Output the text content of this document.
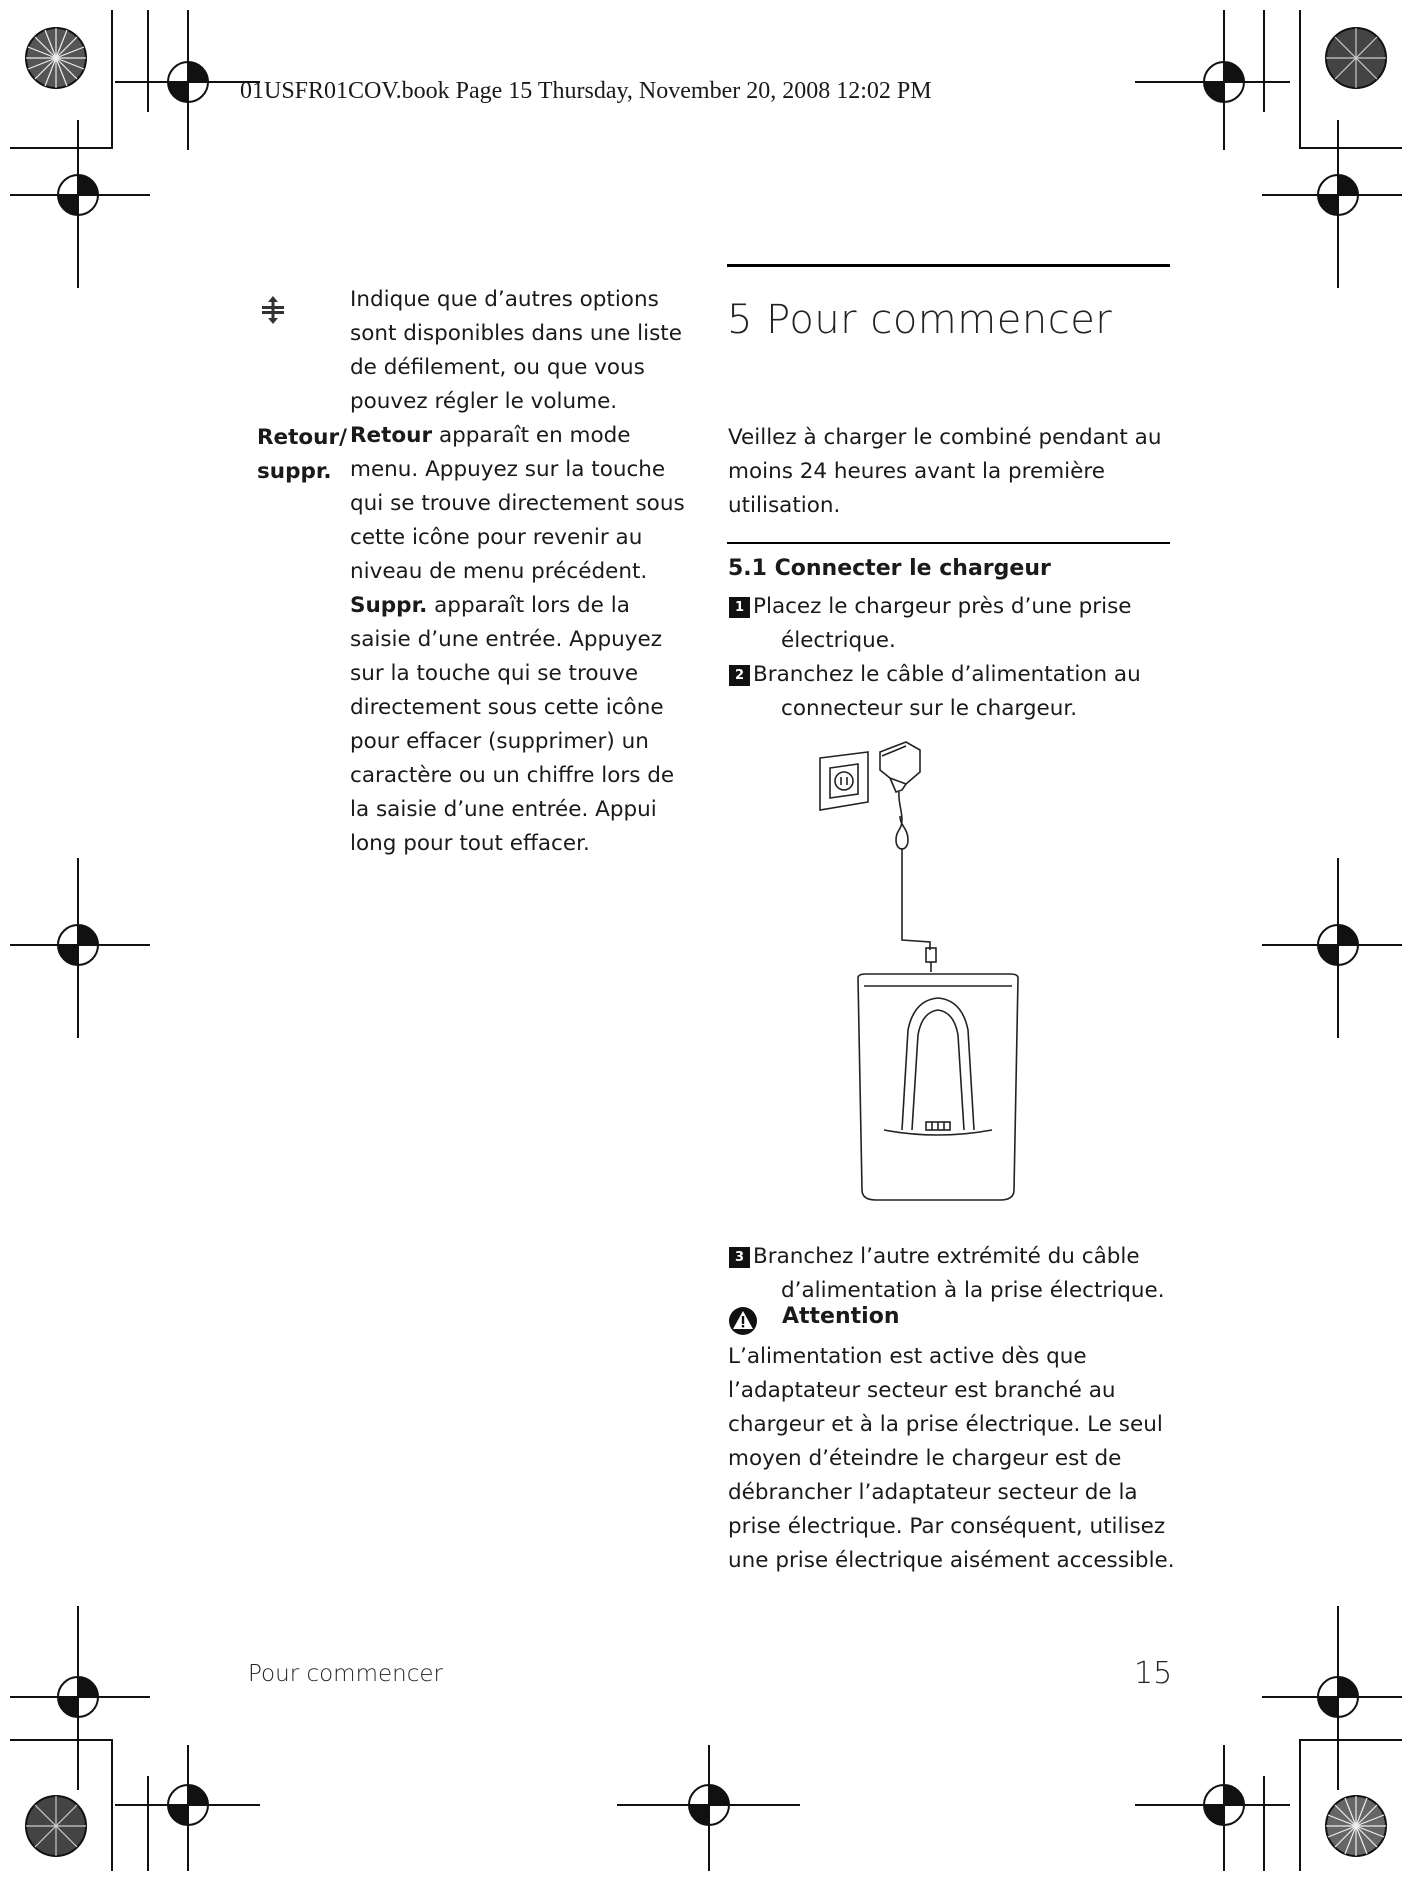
01USFR01COV.book Page 15 Thursday, November 20, 2008 12:02 PM
Retour/
suppr.

Indique que d’autres options sont disponibles dans une liste de défilement, ou que vous pouvez régler le volume.

Retour apparaît en mode menu. Appuyez sur la touche qui se trouve directement sous cette icône pour revenir au niveau de menu précédent.

Suppr. apparaît lors de la saisie d’une entrée. Appuyez sur la touche qui se trouve directement sous cette icône pour effacer (supprimer) un caractère ou un chiffre lors de la saisie d’une entrée. Appui long pour tout effacer.

5 Pour commencer
Veillez à charger le combiné pendant au moins 24 heures avant la première utilisation.
5.1 Connecter le chargeur
1 Placez le chargeur près d’une prise
électrique.
2 Branchez le câble d’alimentation au
connecteur sur le chargeur.
3 Branchez l’autre extrémité du câble
d’alimentation à la prise électrique.
Attention
L’alimentation est active dès que l’adaptateur secteur est branché au chargeur et à la prise électrique. Le seul moyen d’éteindre le chargeur est de débrancher l’adaptateur secteur de la prise électrique. Par conséquent, utilisez une prise électrique aisément accessible.
Pour commencer	15
